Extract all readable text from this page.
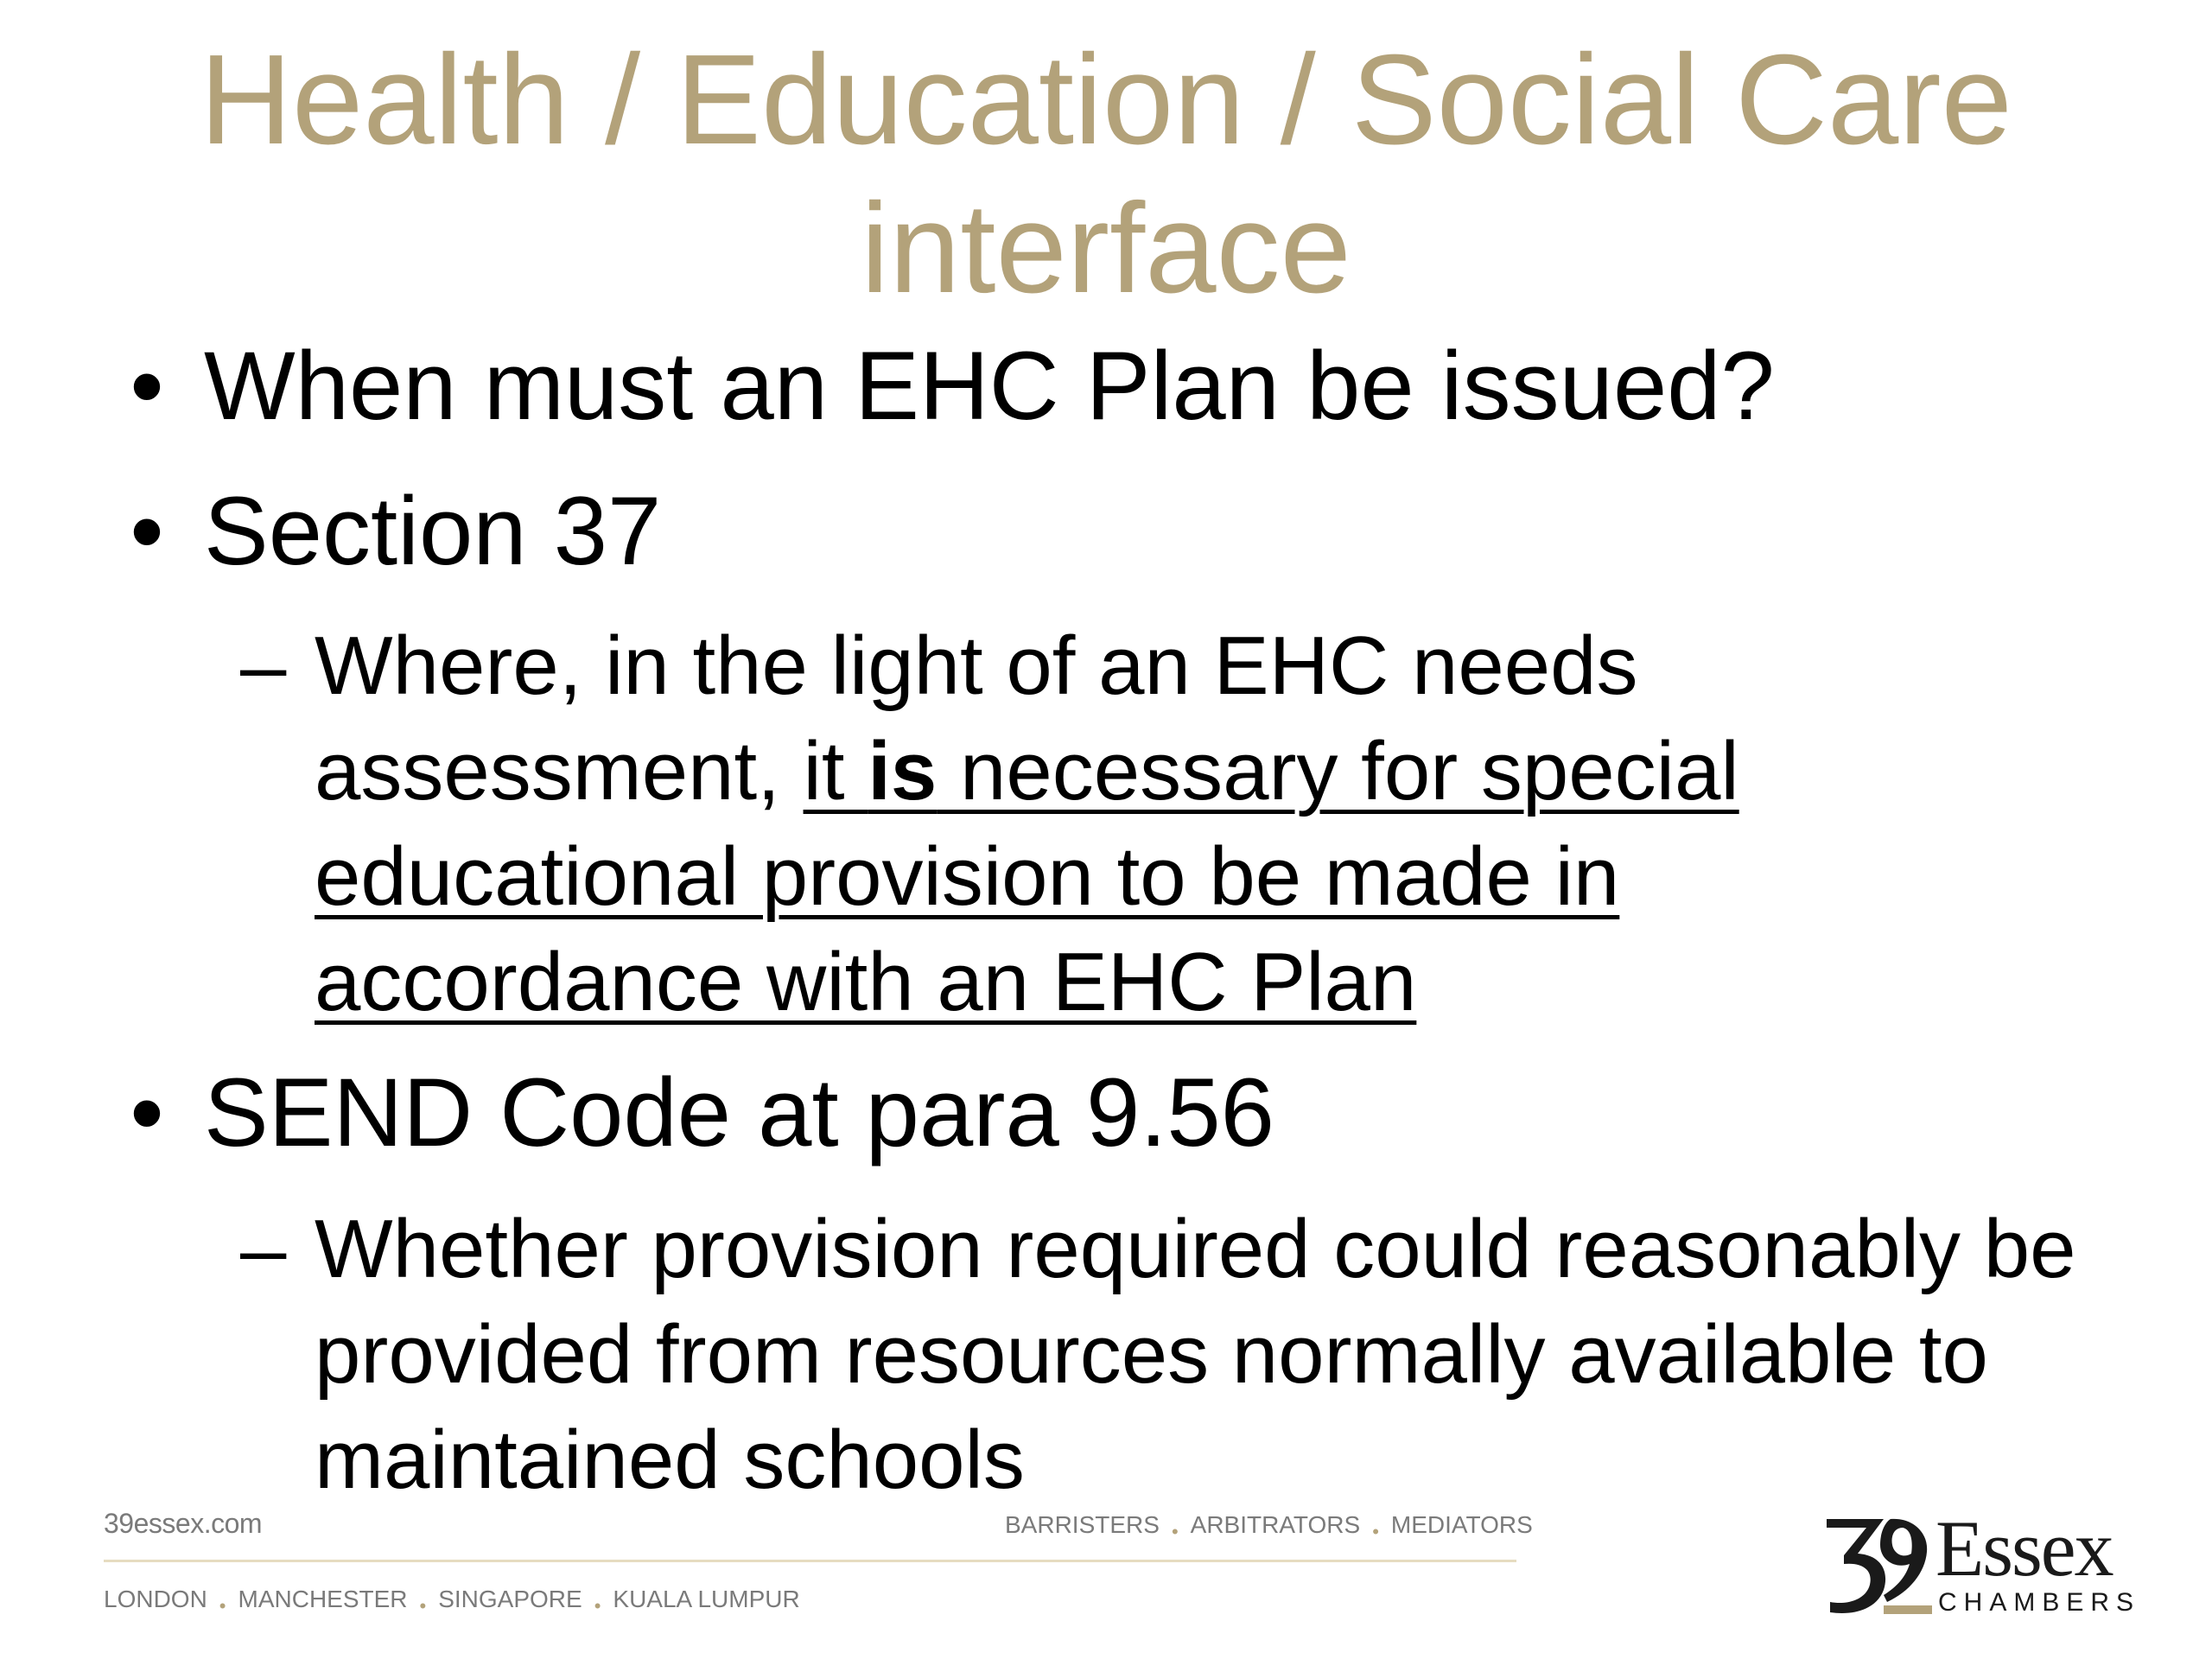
Health / Education / Social Care
interface
• When must an EHC Plan be issued?
• Section 37
– Where, in the light of an EHC needs
assessment, it is necessary for special
educational provision to be made in
accordance with an EHC Plan
• SEND Code at para 9.56
– Whether provision required could reasonably be
provided from resources normally available to
maintained schools
39essex.com	BARRISTERS $_•$ ARBITRATORS $_•$ MEDIATORS
LONDON $_•$ MANCHESTER $_•$ SINGAPORE $_•$ KUALA LUMPUR
Essex
CHAMBERS
